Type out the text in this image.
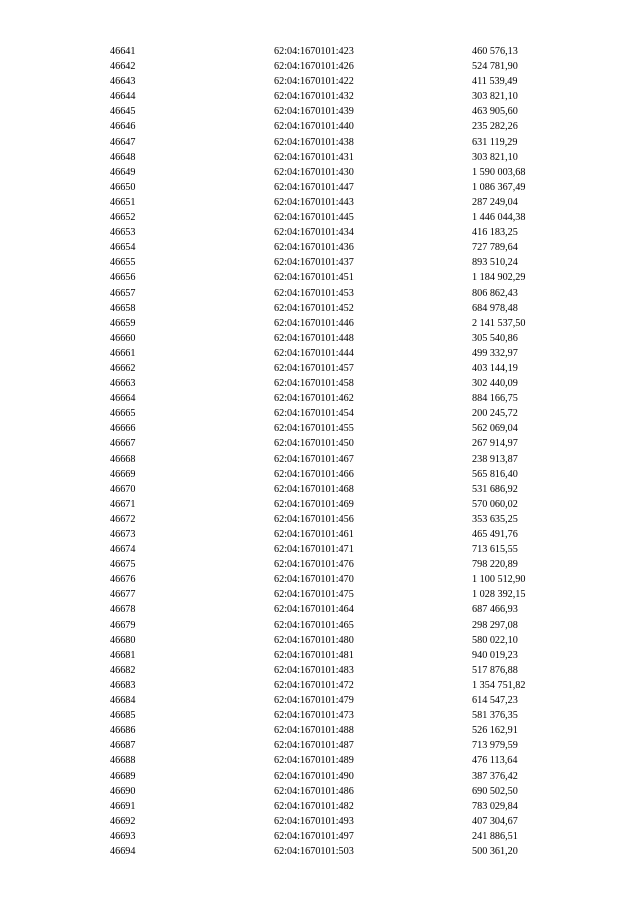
46641	62:04:1670101:423	460 576,13
46642	62:04:1670101:426	524 781,90
46643	62:04:1670101:422	411 539,49
46644	62:04:1670101:432	303 821,10
46645	62:04:1670101:439	463 905,60
46646	62:04:1670101:440	235 282,26
46647	62:04:1670101:438	631 119,29
46648	62:04:1670101:431	303 821,10
46649	62:04:1670101:430	1 590 003,68
46650	62:04:1670101:447	1 086 367,49
46651	62:04:1670101:443	287 249,04
46652	62:04:1670101:445	1 446 044,38
46653	62:04:1670101:434	416 183,25
46654	62:04:1670101:436	727 789,64
46655	62:04:1670101:437	893 510,24
46656	62:04:1670101:451	1 184 902,29
46657	62:04:1670101:453	806 862,43
46658	62:04:1670101:452	684 978,48
46659	62:04:1670101:446	2 141 537,50
46660	62:04:1670101:448	305 540,86
46661	62:04:1670101:444	499 332,97
46662	62:04:1670101:457	403 144,19
46663	62:04:1670101:458	302 440,09
46664	62:04:1670101:462	884 166,75
46665	62:04:1670101:454	200 245,72
46666	62:04:1670101:455	562 069,04
46667	62:04:1670101:450	267 914,97
46668	62:04:1670101:467	238 913,87
46669	62:04:1670101:466	565 816,40
46670	62:04:1670101:468	531 686,92
46671	62:04:1670101:469	570 060,02
46672	62:04:1670101:456	353 635,25
46673	62:04:1670101:461	465 491,76
46674	62:04:1670101:471	713 615,55
46675	62:04:1670101:476	798 220,89
46676	62:04:1670101:470	1 100 512,90
46677	62:04:1670101:475	1 028 392,15
46678	62:04:1670101:464	687 466,93
46679	62:04:1670101:465	298 297,08
46680	62:04:1670101:480	580 022,10
46681	62:04:1670101:481	940 019,23
46682	62:04:1670101:483	517 876,88
46683	62:04:1670101:472	1 354 751,82
46684	62:04:1670101:479	614 547,23
46685	62:04:1670101:473	581 376,35
46686	62:04:1670101:488	526 162,91
46687	62:04:1670101:487	713 979,59
46688	62:04:1670101:489	476 113,64
46689	62:04:1670101:490	387 376,42
46690	62:04:1670101:486	690 502,50
46691	62:04:1670101:482	783 029,84
46692	62:04:1670101:493	407 304,67
46693	62:04:1670101:497	241 886,51
46694	62:04:1670101:503	500 361,20
